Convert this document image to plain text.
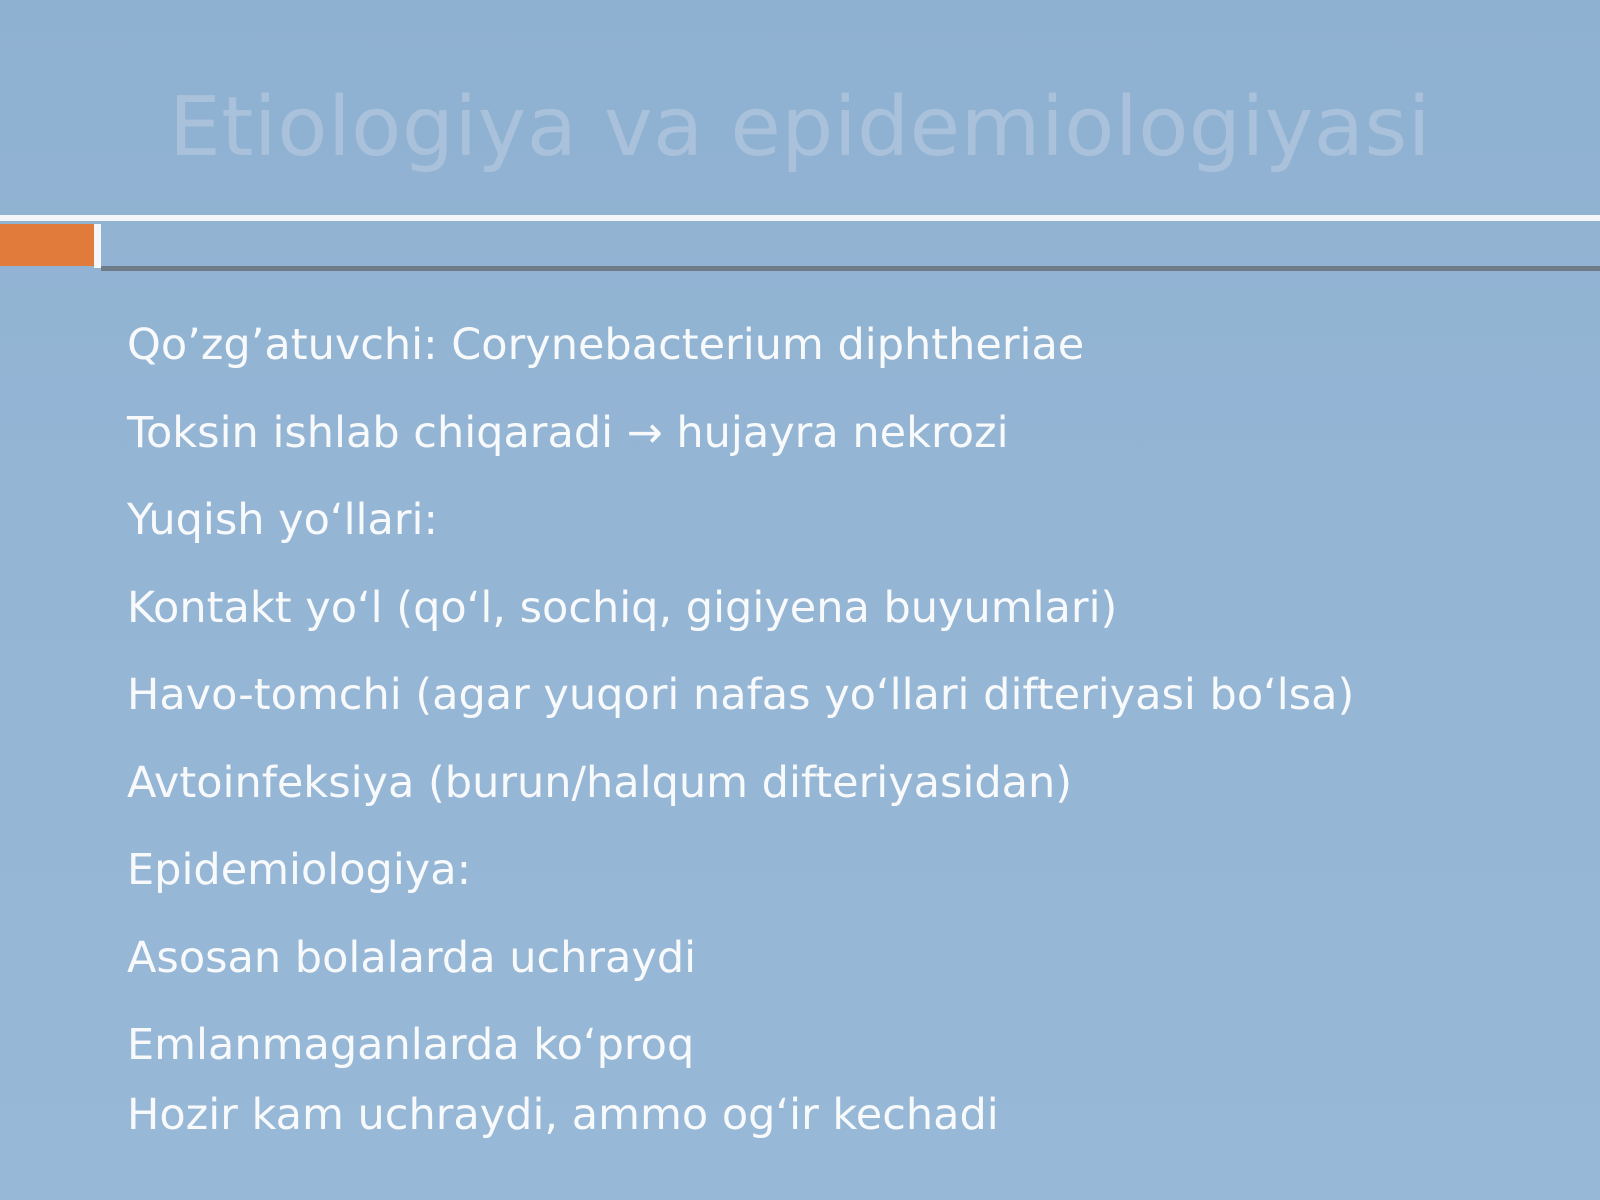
Etiologiya va epidemiologiyasi
Qo’zg’atuvchi: Corynebacterium diphtheriae
Toksin ishlab chiqaradi → hujayra nekrozi
Yuqish yo‘llari:
Kontakt yo‘l (qo‘l, sochiq, gigiyena buyumlari)
Havo-tomchi (agar yuqori nafas yo‘llari difteriyasi bo‘lsa)
Avtoinfeksiya (burun/halqum difteriyasidan)
Epidemiologiya:
Asosan bolalarda uchraydi
Emlanmaganlarda ko‘proq
Hozir kam uchraydi, ammo og‘ir kechadi
